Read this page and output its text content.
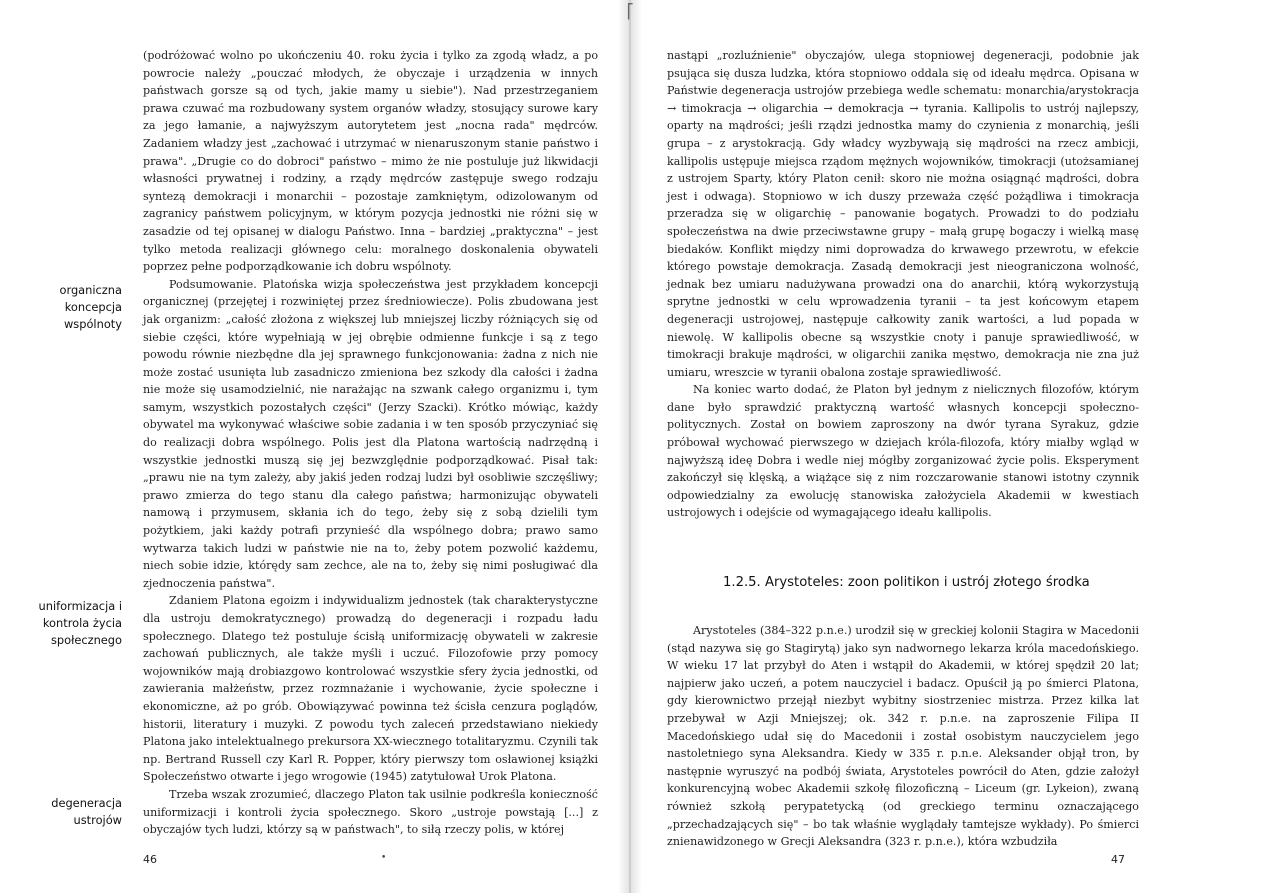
⎡
organiczna koncepcja wspólnoty
uniformizacja i kontrola życia społecznego
degeneracja ustrojów

(podróżować wolno po ukończeniu 40. roku życia i tylko za zgodą władz, a po powrocie należy „pouczać młodych, że obyczaje i urządzenia w innych państwach gorsze są od tych, jakie mamy u siebie"). Nad przestrzeganiem prawa czuwać ma rozbudowany system organów władzy, stosujący surowe kary za jego łamanie, a najwyższym autorytetem jest „nocna rada" mędrców. Zadaniem władzy jest „zachować i utrzymać w nienaruszonym stanie państwo i prawa". „Drugie co do dobroci" państwo – mimo że nie postuluje już likwidacji własności prywatnej i rodziny, a rządy mędrców zastępuje swego rodzaju syntezą demokracji i monarchii – pozostaje zamkniętym, odizolowanym od zagranicy państwem policyjnym, w którym pozycja jednostki nie różni się w zasadzie od tej opisanej w dialogu Państwo. Inna – bardziej „praktyczna" – jest tylko metoda realizacji głównego celu: moralnego doskonalenia obywateli poprzez pełne podporządkowanie ich dobru wspólnoty.

Podsumowanie. Platońska wizja społeczeństwa jest przykładem koncepcji organicznej (przejętej i rozwiniętej przez średniowiecze). Polis zbudowana jest jak organizm: „całość złożona z większej lub mniejszej liczby różniących się od siebie części, które wypełniają w jej obrębie odmienne funkcje i są z tego powodu równie niezbędne dla jej sprawnego funkcjonowania: żadna z nich nie może zostać usunięta lub zasadniczo zmieniona bez szkody dla całości i żadna nie może się usamodzielnić, nie narażając na szwank całego organizmu i, tym samym, wszystkich pozostałych części" (Jerzy Szacki). Krótko mówiąc, każdy obywatel ma wykonywać właściwe sobie zadania i w ten sposób przyczyniać się do realizacji dobra wspólnego. Polis jest dla Platona wartością nadrzędną i wszystkie jednostki muszą się jej bezwzględnie podporządkować. Pisał tak: „prawu nie na tym zależy, aby jakiś jeden rodzaj ludzi był osobliwie szczęśliwy; prawo zmierza do tego stanu dla całego państwa; harmonizując obywateli namową i przymusem, skłania ich do tego, żeby się z sobą dzielili tym pożytkiem, jaki każdy potrafi przynieść dla wspólnego dobra; prawo samo wytwarza takich ludzi w państwie nie na to, żeby potem pozwolić każdemu, niech sobie idzie, którędy sam zechce, ale na to, żeby się nimi posługiwać dla zjednoczenia państwa".

Zdaniem Platona egoizm i indywidualizm jednostek (tak charakterystyczne dla ustroju demokratycznego) prowadzą do degeneracji i rozpadu ładu społecznego. Dlatego też postuluje ścisłą uniformizację obywateli w zakresie zachowań publicznych, ale także myśli i uczuć. Filozofowie przy pomocy wojowników mają drobiazgowo kontrolować wszystkie sfery życia jednostki, od zawierania małżeństw, przez rozmnażanie i wychowanie, życie społeczne i ekonomiczne, aż po grób. Obowiązywać powinna też ścisła cenzura poglądów, historii, literatury i muzyki. Z powodu tych zaleceń przedstawiano niekiedy Platona jako intelektualnego prekursora XX-wiecznego totalitaryzmu. Czynili tak np. Bertrand Russell czy Karl R. Popper, który pierwszy tom osławionej książki Społeczeństwo otwarte i jego wrogowie (1945) zatytułował Urok Platona.

Trzeba wszak zrozumieć, dlaczego Platon tak usilnie podkreśla konieczność uniformizacji i kontroli życia społecznego. Skoro „ustroje powstają [...] z obyczajów tych ludzi, którzy są w państwach", to siłą rzeczy polis, w której

46	•

nastąpi „rozluźnienie" obyczajów, ulega stopniowej degeneracji, podobnie jak psująca się dusza ludzka, która stopniowo oddala się od ideału mędrca. Opisana w Państwie degeneracja ustrojów przebiega wedle schematu: monarchia/arystokracja → timokracja → oligarchia → demokracja → tyrania. Kallipolis to ustrój najlepszy, oparty na mądrości; jeśli rządzi jednostka mamy do czynienia z monarchią, jeśli grupa – z arystokracją. Gdy władcy wyzbywają się mądrości na rzecz ambicji, kallipolis ustępuje miejsca rządom mężnych wojowników, timokracji (utożsamianej z ustrojem Sparty, który Platon cenił: skoro nie można osiągnąć mądrości, dobra jest i odwaga). Stopniowo w ich duszy przeważa część pożądliwa i timokracja przeradza się w oligarchię – panowanie bogatych. Prowadzi to do podziału społeczeństwa na dwie przeciwstawne grupy – małą grupę bogaczy i wielką masę biedaków. Konflikt między nimi doprowadza do krwawego przewrotu, w efekcie którego powstaje demokracja. Zasadą demokracji jest nieograniczona wolność, jednak bez umiaru nadużywana prowadzi ona do anarchii, którą wykorzystują sprytne jednostki w celu wprowadzenia tyranii – ta jest końcowym etapem degeneracji ustrojowej, następuje całkowity zanik wartości, a lud popada w niewolę. W kallipolis obecne są wszystkie cnoty i panuje sprawiedliwość, w timokracji brakuje mądrości, w oligarchii zanika męstwo, demokracja nie zna już umiaru, wreszcie w tyranii obalona zostaje sprawiedliwość.

Na koniec warto dodać, że Platon był jednym z nielicznych filozofów, którym dane było sprawdzić praktyczną wartość własnych koncepcji społeczno-politycznych. Został on bowiem zaproszony na dwór tyrana Syrakuz, gdzie próbował wychować pierwszego w dziejach króla-filozofa, który miałby wgląd w najwyższą ideę Dobra i wedle niej mógłby zorganizować życie polis. Eksperyment zakończył się klęską, a wiążące się z nim rozczarowanie stanowi istotny czynnik odpowiedzialny za ewolucję stanowiska założyciela Akademii w kwestiach ustrojowych i odejście od wymagającego ideału kallipolis.

1.2.5. Arystoteles: zoon politikon i ustrój złotego środka

Arystoteles (384–322 p.n.e.) urodził się w greckiej kolonii Stagira w Macedonii (stąd nazywa się go Stagirytą) jako syn nadwornego lekarza króla macedońskiego. W wieku 17 lat przybył do Aten i wstąpił do Akademii, w której spędził 20 lat; najpierw jako uczeń, a potem nauczyciel i badacz. Opuścił ją po śmierci Platona, gdy kierownictwo przejął niezbyt wybitny siostrzeniec mistrza. Przez kilka lat przebywał w Azji Mniejszej; ok. 342 r. p.n.e. na zaproszenie Filipa II Macedońskiego udał się do Macedonii i został osobistym nauczycielem jego nastoletniego syna Aleksandra. Kiedy w 335 r. p.n.e. Aleksander objął tron, by następnie wyruszyć na podbój świata, Arystoteles powrócił do Aten, gdzie założył konkurencyjną wobec Akademii szkołę filozoficzną – Liceum (gr. Lykeion), zwaną również szkołą perypatetycką (od greckiego terminu oznaczającego „przechadzających się" – bo tak właśnie wyglądały tamtejsze wykłady). Po śmierci znienawidzonego w Grecji Aleksandra (323 r. p.n.e.), która wzbudziła

47
